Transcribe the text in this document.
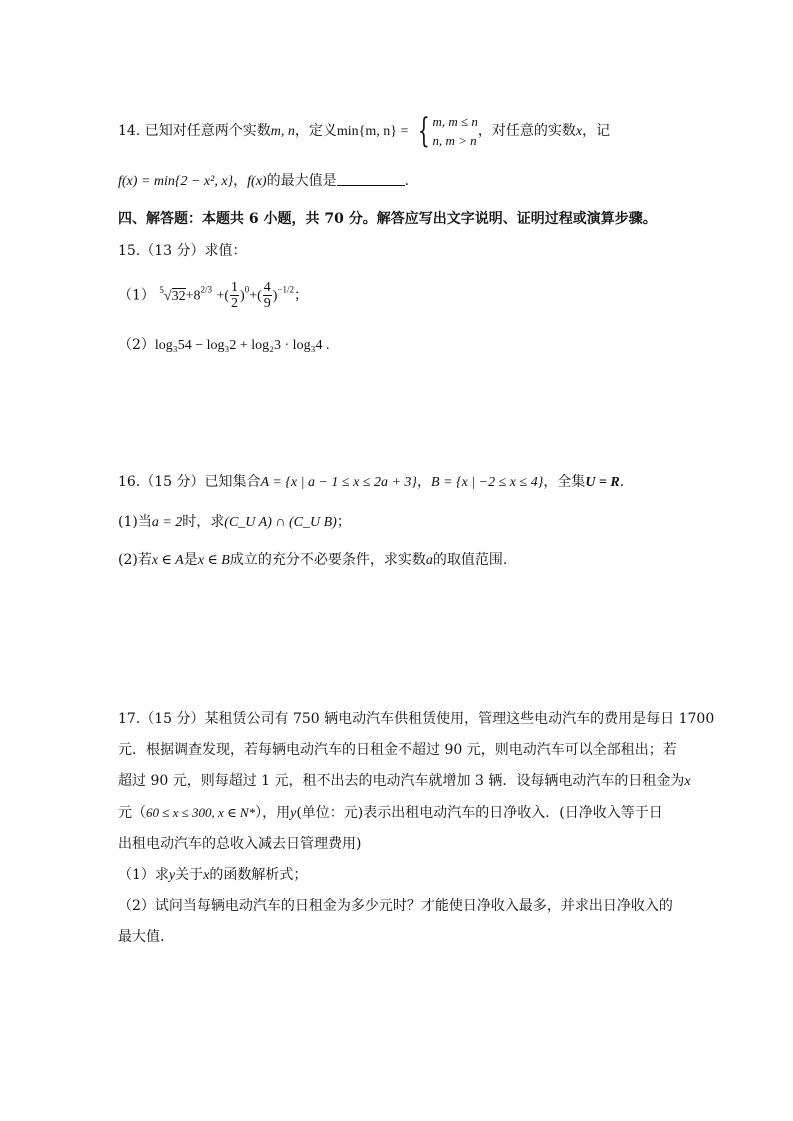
14. 已知对任意两个实数m, n，定义min{m, n} = { m, m ≤ n
n, m > n
，对任意的实数x，记
f(x) = min{2 − x², x}，f(x)的最大值是	.
四、解答题：本题共 6 小题，共 70 分。解答应写出文字说明、证明过程或演算步骤。
15.（13 分）求值：
（1） $^5√32+8^{2/3}$ +( $\frac{1}{2} )^0+( \frac{4}{9} )^{-1/2}$；
（2）log₃54 − log₃2 + log₂3 · log₃4 .
16.（15 分）已知集合A = {x | a − 1 ≤ x ≤ 2a + 3}，B = {x | −2 ≤ x ≤ 4}，全集U = R.
(1)当a = 2时，求(C_U A) ∩ (C_U B)；
(2)若x ∈ A是x ∈ B成立的充分不必要条件，求实数a的取值范围.
17.（15 分）某租赁公司有 750 辆电动汽车供租赁使用，管理这些电动汽车的费用是每日 1700
元．根据调查发现，若每辆电动汽车的日租金不超过 90 元，则电动汽车可以全部租出；若
超过 90 元，则每超过 1 元，租不出去的电动汽车就增加 3 辆．设每辆电动汽车的日租金为x
元（60 ≤ x ≤ 300, x ∈ N*），用y(单位：元)表示出租电动汽车的日净收入．(日净收入等于日
出租电动汽车的总收入减去日管理费用)
（1）求y关于x的函数解析式；
（2）试问当每辆电动汽车的日租金为多少元时？才能使日净收入最多，并求出日净收入的
最大值.
